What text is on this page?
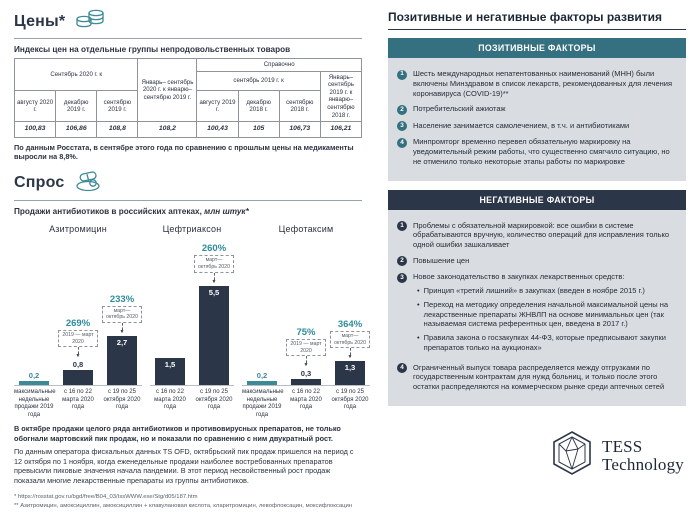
Цены*
Индексы цен на отдельные группы непродовольственных товаров
Сентябрь 2020 г. к			Январь– сентябрь 2020 г. к январю– сентябрю 2019 г.	Справочно			
				сентябрь 2019 г. к			Январь–сентябрь 2019 г. к январю– сентябрю 2018 г.
августу 2020 г.	декабрю 2019 г.	сентябрю 2019 г.		августу 2019 г.	декабрю 2018 г.	сентябрю 2018 г.	
100,83	106,86	108,8	108,2	100,43	105	106,73	106,21

По данным Росстата, в сентябре этого года по сравнению с прошлым цены на медикаменты выросли на 8,8%.

Спрос
Продажи антибиотиков в российских аптеках, млн штук*
Азитромицин
0,2
269%
2019 — март 2020
▼
0,8
233%
март—октябрь 2020
▼
2,7
максимальные недельные продажи 2019 года
с 16 по 22 марта 2020 года
с 19 по 25 октября 2020 года
Цефтриаксон
1,5
260%
март—октябрь 2020
▼
5,5
с 16 по 22 марта 2020 года
с 19 по 25 октября 2020 года
Цефотаксим
0,2
75%
2019 — март 2020
▼
0,3
364%
март—октябрь 2020
▼
1,3
максимальные недельные продажи 2019 года
с 16 по 22 марта 2020 года
с 19 по 25 октября 2020 года

В октябре продажи целого ряда антибиотиков и противовирусных препаратов, не только обогнали мартовский пик продаж, но и показали по сравнению с ним двукратный рост.

По данным оператора фискальных данных TS OFD, октябрьский пик продаж пришелся на период с 12 октября по 1 ноября, когда еженедельные продажи наиболее востребованных препаратов превысили пиковые значения начала пандемии. В этот период несвойственный рост продаж показали многие лекарственные препараты из группы антибиотиков.

* https://rosstat.gov.ru/bgd/free/B04_03/IssWWW.exe/Stg/d05/187.htm
** Азитромицин, амоксициллин, амоксициллин + клавулановая кислота, кларитромицин, левофлоксацин, моксифлоксацин
Позитивные и негативные факторы развития
ПОЗИТИВНЫЕ ФАКТОРЫ
1	Шесть международных непатентованных наименований (МНН) были включены Минздравом в список лекарств, рекомендованных для лечения коронавируса (COVID-19)**
2	Потребительский ажиотаж
3	Население занимается самолечением, в т.ч. и антибиотиками
4	Минпромторг временно перевел обязательную маркировку на уведомительный режим работы, что существенно смягчило ситуацию, но не отменило только некоторые этапы работы по маркировке
НЕГАТИВНЫЕ ФАКТОРЫ
1	Проблемы с обязательной маркировкой: все ошибки в системе обрабатываются вручную, количество операций для исправления только одной ошибки зашкаливает
2	Повышение цен
3	Новое законодательство в закупках лекарственных средств:
• Принцип «третий лишний» в закупках (введен в ноябре 2015 г.)
• Переход на методику определения начальной максимальной цены на лекарственные препараты ЖНВЛП на основе минимальных цен (так называемая система референтных цен, введена в 2017 г.)
• Правила закона о госзакупках 44-ФЗ, которые предписывают закупки препаратов только на аукционах»
4	Ограниченный выпуск товара распределяется между отгрузками по государственным контрактам для нужд больниц, и только после этого остатки распределяются на коммерческом рынке среди аптечных сетей
TESS
Technology
